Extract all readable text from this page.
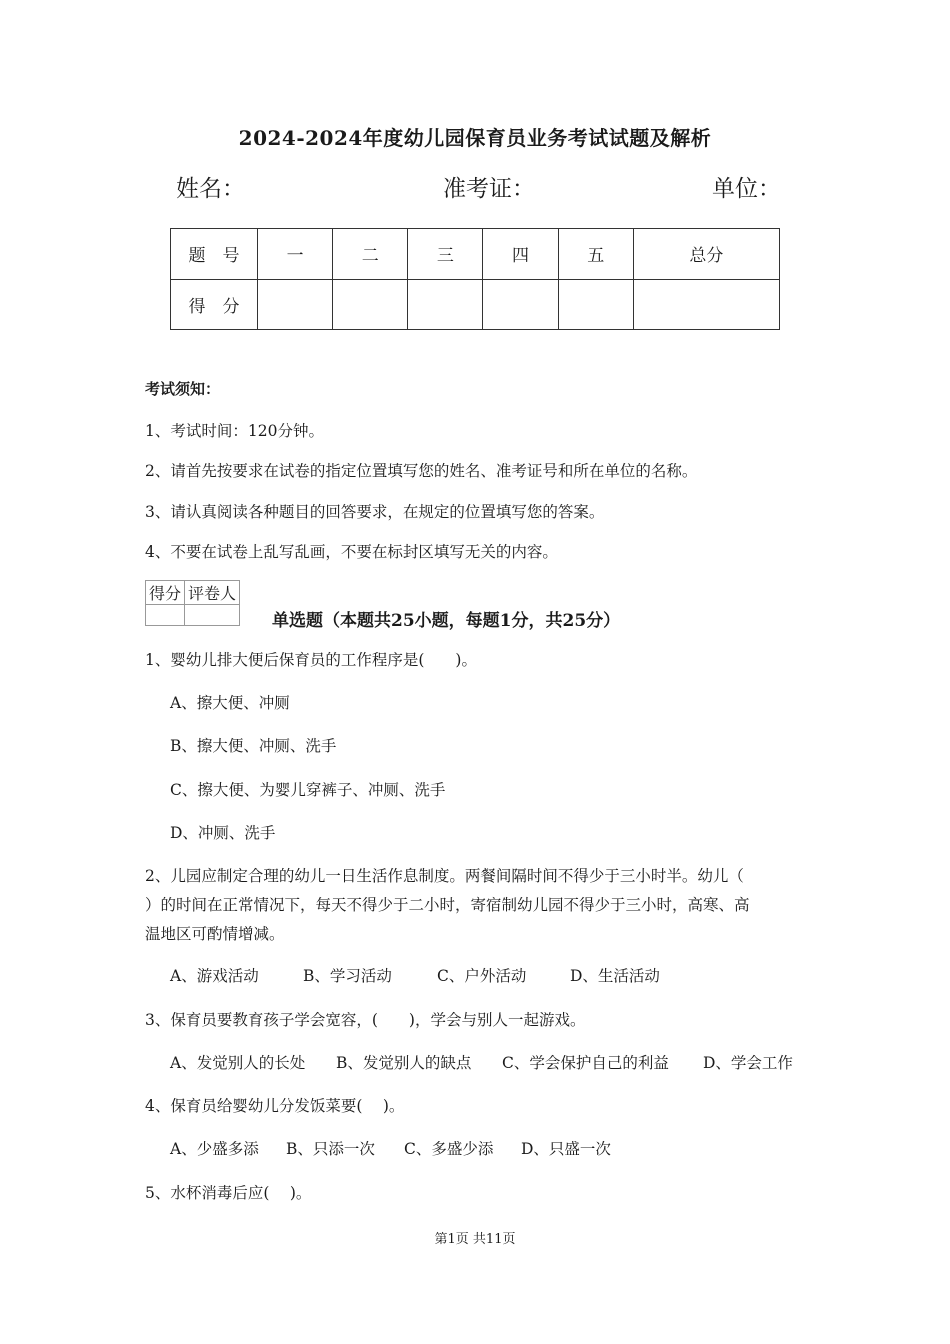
2024-2024年度幼儿园保育员业务考试试题及解析
姓名：	准考证：	单位：
题　号	一	二	三	四	五	总分
得　分						
考试须知：
1、考试时间：120分钟。
2、请首先按要求在试卷的指定位置填写您的姓名、准考证号和所在单位的名称。
3、请认真阅读各种题目的回答要求，在规定的位置填写您的答案。
4、不要在试卷上乱写乱画，不要在标封区填写无关的内容。
得分	评卷人

单选题（本题共25小题，每题1分，共25分）
1、婴幼儿排大便后保育员的工作程序是(　　)。
A、擦大便、冲厕
B、擦大便、冲厕、洗手
C、擦大便、为婴儿穿裤子、冲厕、洗手
D、冲厕、洗手
2、儿园应制定合理的幼儿一日生活作息制度。两餐间隔时间不得少于三小时半。幼儿（
）的时间在正常情况下，每天不得少于二小时，寄宿制幼儿园不得少于三小时，高寒、高
温地区可酌情增减。
A、游戏活动	B、学习活动	C、户外活动	D、生活活动
3、保育员要教育孩子学会宽容，(　　)，学会与别人一起游戏。
A、发觉别人的长处 B、发觉别人的缺点 C、学会保护自己的利益 D、学会工作
4、保育员给婴幼儿分发饭菜要(　 )。
A、少盛多添 B、只添一次 C、多盛少添 D、只盛一次
5、水杯消毒后应(　 )。
第1页 共11页
